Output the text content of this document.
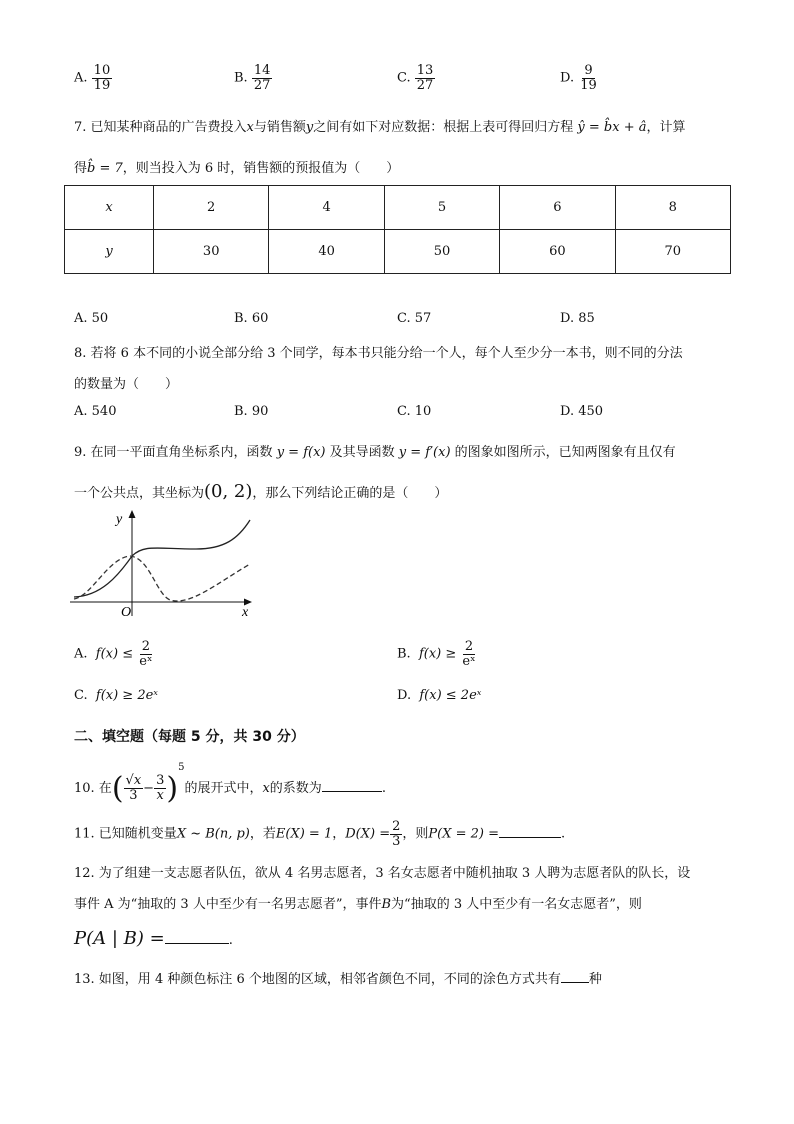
A. $\frac{10}{19}$	B. $\frac{14}{27}$	C. $\frac{13}{27}$	D. $\frac{9}{19}$
7. 已知某种商品的广告费投入x与销售额y之间有如下对应数据：根据上表可得回归方程 ŷ = b̂x + â，计算
得b̂ = 7，则当投入为 6 时，销售额的预报值为（　　）
x	2	4	5	6	8
y	30	40	50	60	70
A. 50	B. 60	C. 57	D. 85
8. 若将 6 本不同的小说全部分给 3 个同学，每本书只能分给一个人，每个人至少分一本书，则不同的分法
的数量为（　　）
A. 540	B. 90	C. 10	D. 450
9. 在同一平面直角坐标系内，函数 y = f(x) 及其导函数 y = f′(x) 的图象如图所示，已知两图象有且仅有
一个公共点，其坐标为(0, 2)，那么下列结论正确的是（　　）
y
x
O
A. $f(x) \le \frac{2}{\text{eˣ}}$	B. $f(x) \ge \frac{2}{\text{eˣ}}$
C. f(x) ≥ 2eˣ	D. f(x) ≤ 2eˣ
二、填空题（每题 5 分，共 30 分）
10. 在( $\frac{√x}{3} - \frac{3}{x} )^5$的展开式中，x的系数为	.
11. 已知随机变量X ~ B(n, p)，若E(X) = 1，$D(X) = \frac{2}{3}$ ，则P(X = 2) =	.
12. 为了组建一支志愿者队伍，欲从 4 名男志愿者，3 名女志愿者中随机抽取 3 人聘为志愿者队的队长，设
事件 A 为“抽取的 3 人中至少有一名男志愿者”，事件B为“抽取的 3 人中至少有一名女志愿者”，则
P(A | B) =	.
13. 如图，用 4 种颜色标注 6 个地图的区域，相邻省颜色不同，不同的涂色方式共有 种
